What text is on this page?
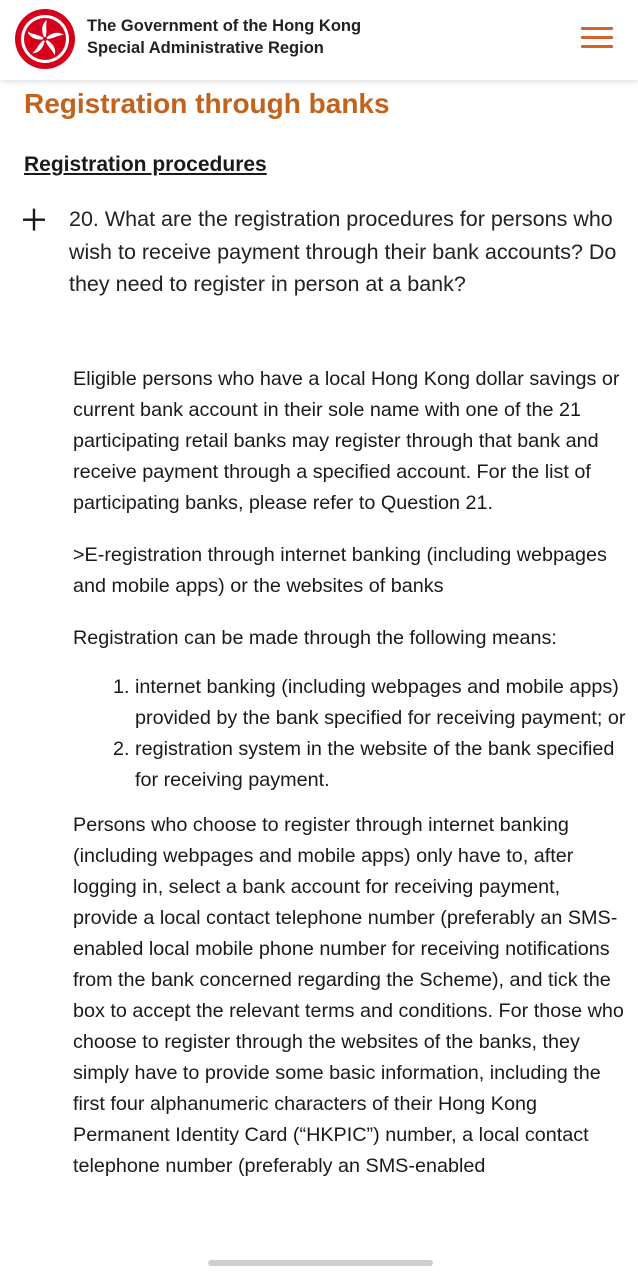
The Government of the Hong Kong
Special Administrative Region
Registration through banks
Registration procedures
20. What are the registration procedures for persons who wish to receive payment through their bank accounts? Do they need to register in person at a bank?

Eligible persons who have a local Hong Kong dollar savings or current bank account in their sole name with one of the 21 participating retail banks may register through that bank and receive payment through a specified account. For the list of participating banks, please refer to Question 21.

>E-registration through internet banking (including webpages and mobile apps) or the websites of banks

Registration can be made through the following means:

1. internet banking (including webpages and mobile apps) provided by the bank specified for receiving payment; or
2. registration system in the website of the bank specified for receiving payment.

Persons who choose to register through internet banking (including webpages and mobile apps) only have to, after logging in, select a bank account for receiving payment, provide a local contact telephone number (preferably an SMS-enabled local mobile phone number for receiving notifications from the bank concerned regarding the Scheme), and tick the box to accept the relevant terms and conditions. For those who choose to register through the websites of the banks, they simply have to provide some basic information, including the first four alphanumeric characters of their Hong Kong Permanent Identity Card (“HKPIC”) number, a local contact telephone number (preferably an SMS-enabled
